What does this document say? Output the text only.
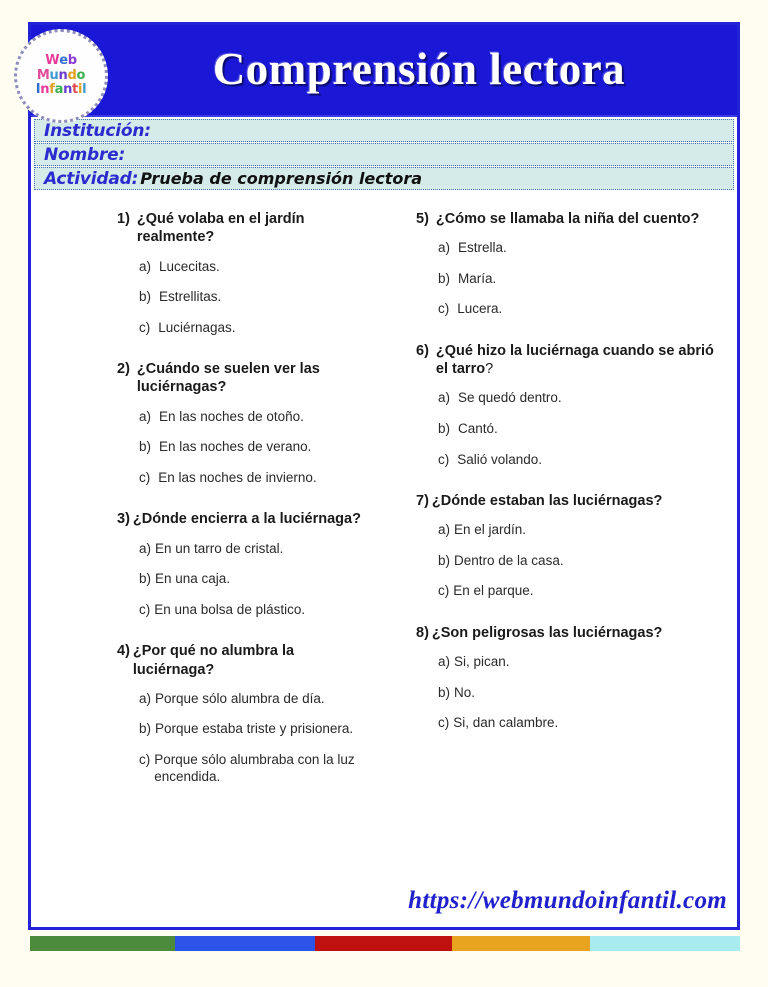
Comprensión lectora
Web
Mundo
Infantil
Institución:
Nombre:
Actividad: Prueba de comprensión lectora
1) ¿Qué volaba en el jardín realmente?
a) Lucecitas.
b) Estrellitas.
c) Luciérnagas.
2) ¿Cuándo se suelen ver las luciérnagas?
a) En las noches de otoño.
b) En las noches de verano.
c) En las noches de invierno.
3) ¿Dónde encierra a la luciérnaga?
a) En un tarro de cristal.
b) En una caja.
c) En una bolsa de plástico.
4) ¿Por qué no alumbra la luciérnaga?
a) Porque sólo alumbra de día.
b) Porque estaba triste y prisionera.
c) Porque sólo alumbraba con la luz encendida.
5) ¿Cómo se llamaba la niña del cuento?
a) Estrella.
b) María.
c) Lucera.
6) ¿Qué hizo la luciérnaga cuando se abrió el tarro?
a) Se quedó dentro.
b) Cantó.
c) Salió volando.
7) ¿Dónde estaban las luciérnagas?
a) En el jardín.
b) Dentro de la casa.
c) En el parque.
8) ¿Son peligrosas las luciérnagas?
a) Si, pican.
b) No.
c) Si, dan calambre.
https://webmundoinfantil.com
